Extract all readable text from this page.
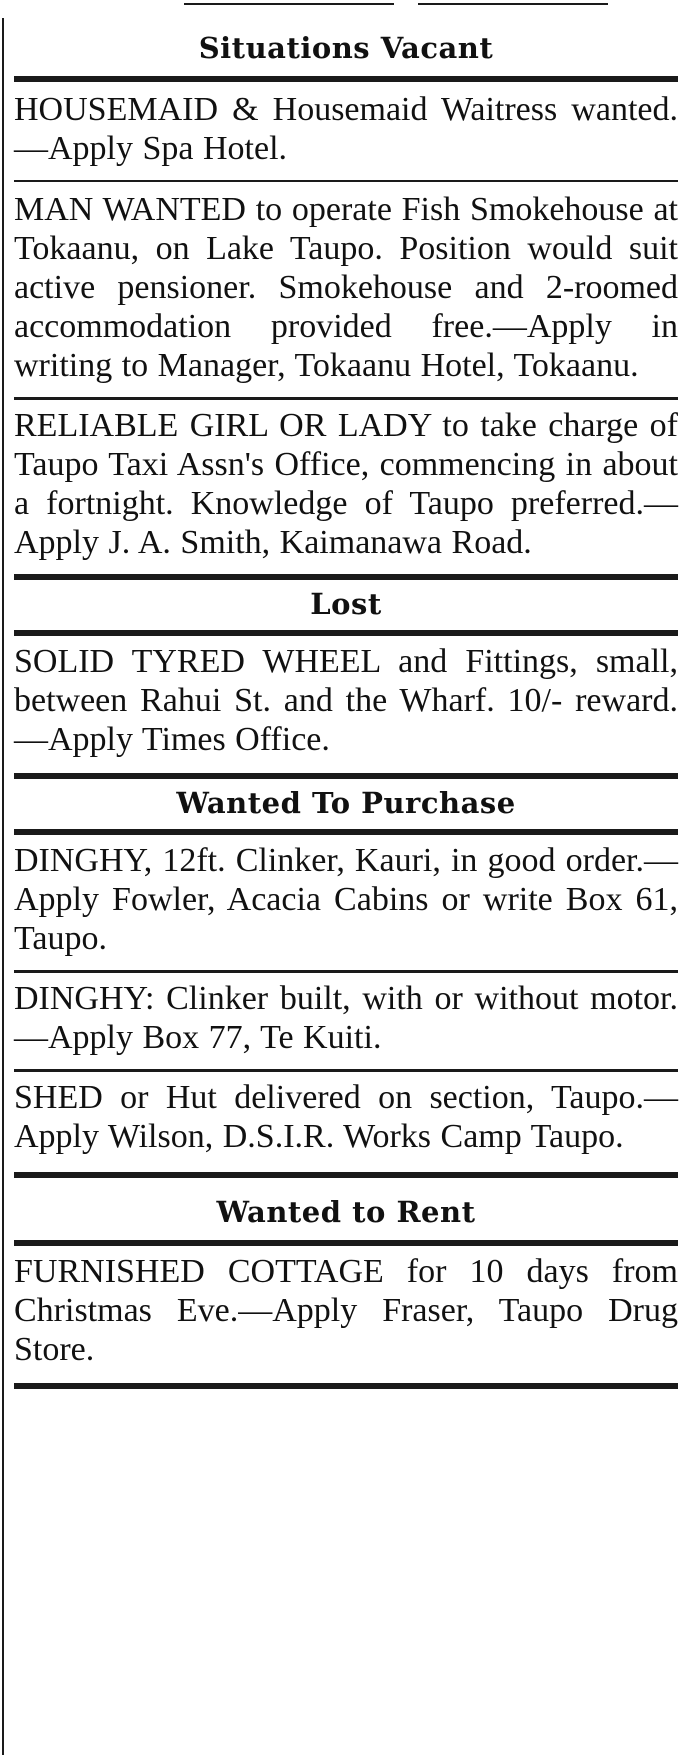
Situations Vacant

HOUSEMAID & Housemaid Waitress wanted.—Apply Spa Hotel.

MAN WANTED to operate Fish Smokehouse at Tokaanu, on Lake Taupo. Position would suit active pensioner. Smokehouse and 2-roomed accommodation provided free.—Apply in writing to Manager, Tokaanu Hotel, Tokaanu.

RELIABLE GIRL OR LADY to take charge of Taupo Taxi Assn's Office, commencing in about a fortnight. Knowledge of Taupo preferred.—Apply J. A. Smith, Kaimanawa Road.

Lost

SOLID TYRED WHEEL and Fittings, small, between Rahui St. and the Wharf. 10/- reward.—Apply Times Office.

Wanted To Purchase

DINGHY, 12ft. Clinker, Kauri, in good order.—Apply Fowler, Acacia Cabins or write Box 61, Taupo.

DINGHY: Clinker built, with or without motor.—Apply Box 77, Te Kuiti.

SHED or Hut delivered on section, Taupo.—Apply Wilson, D.S.I.R. Works Camp Taupo.

Wanted to Rent

FURNISHED COTTAGE for 10 days from Christmas Eve.—Apply Fraser, Taupo Drug Store.
